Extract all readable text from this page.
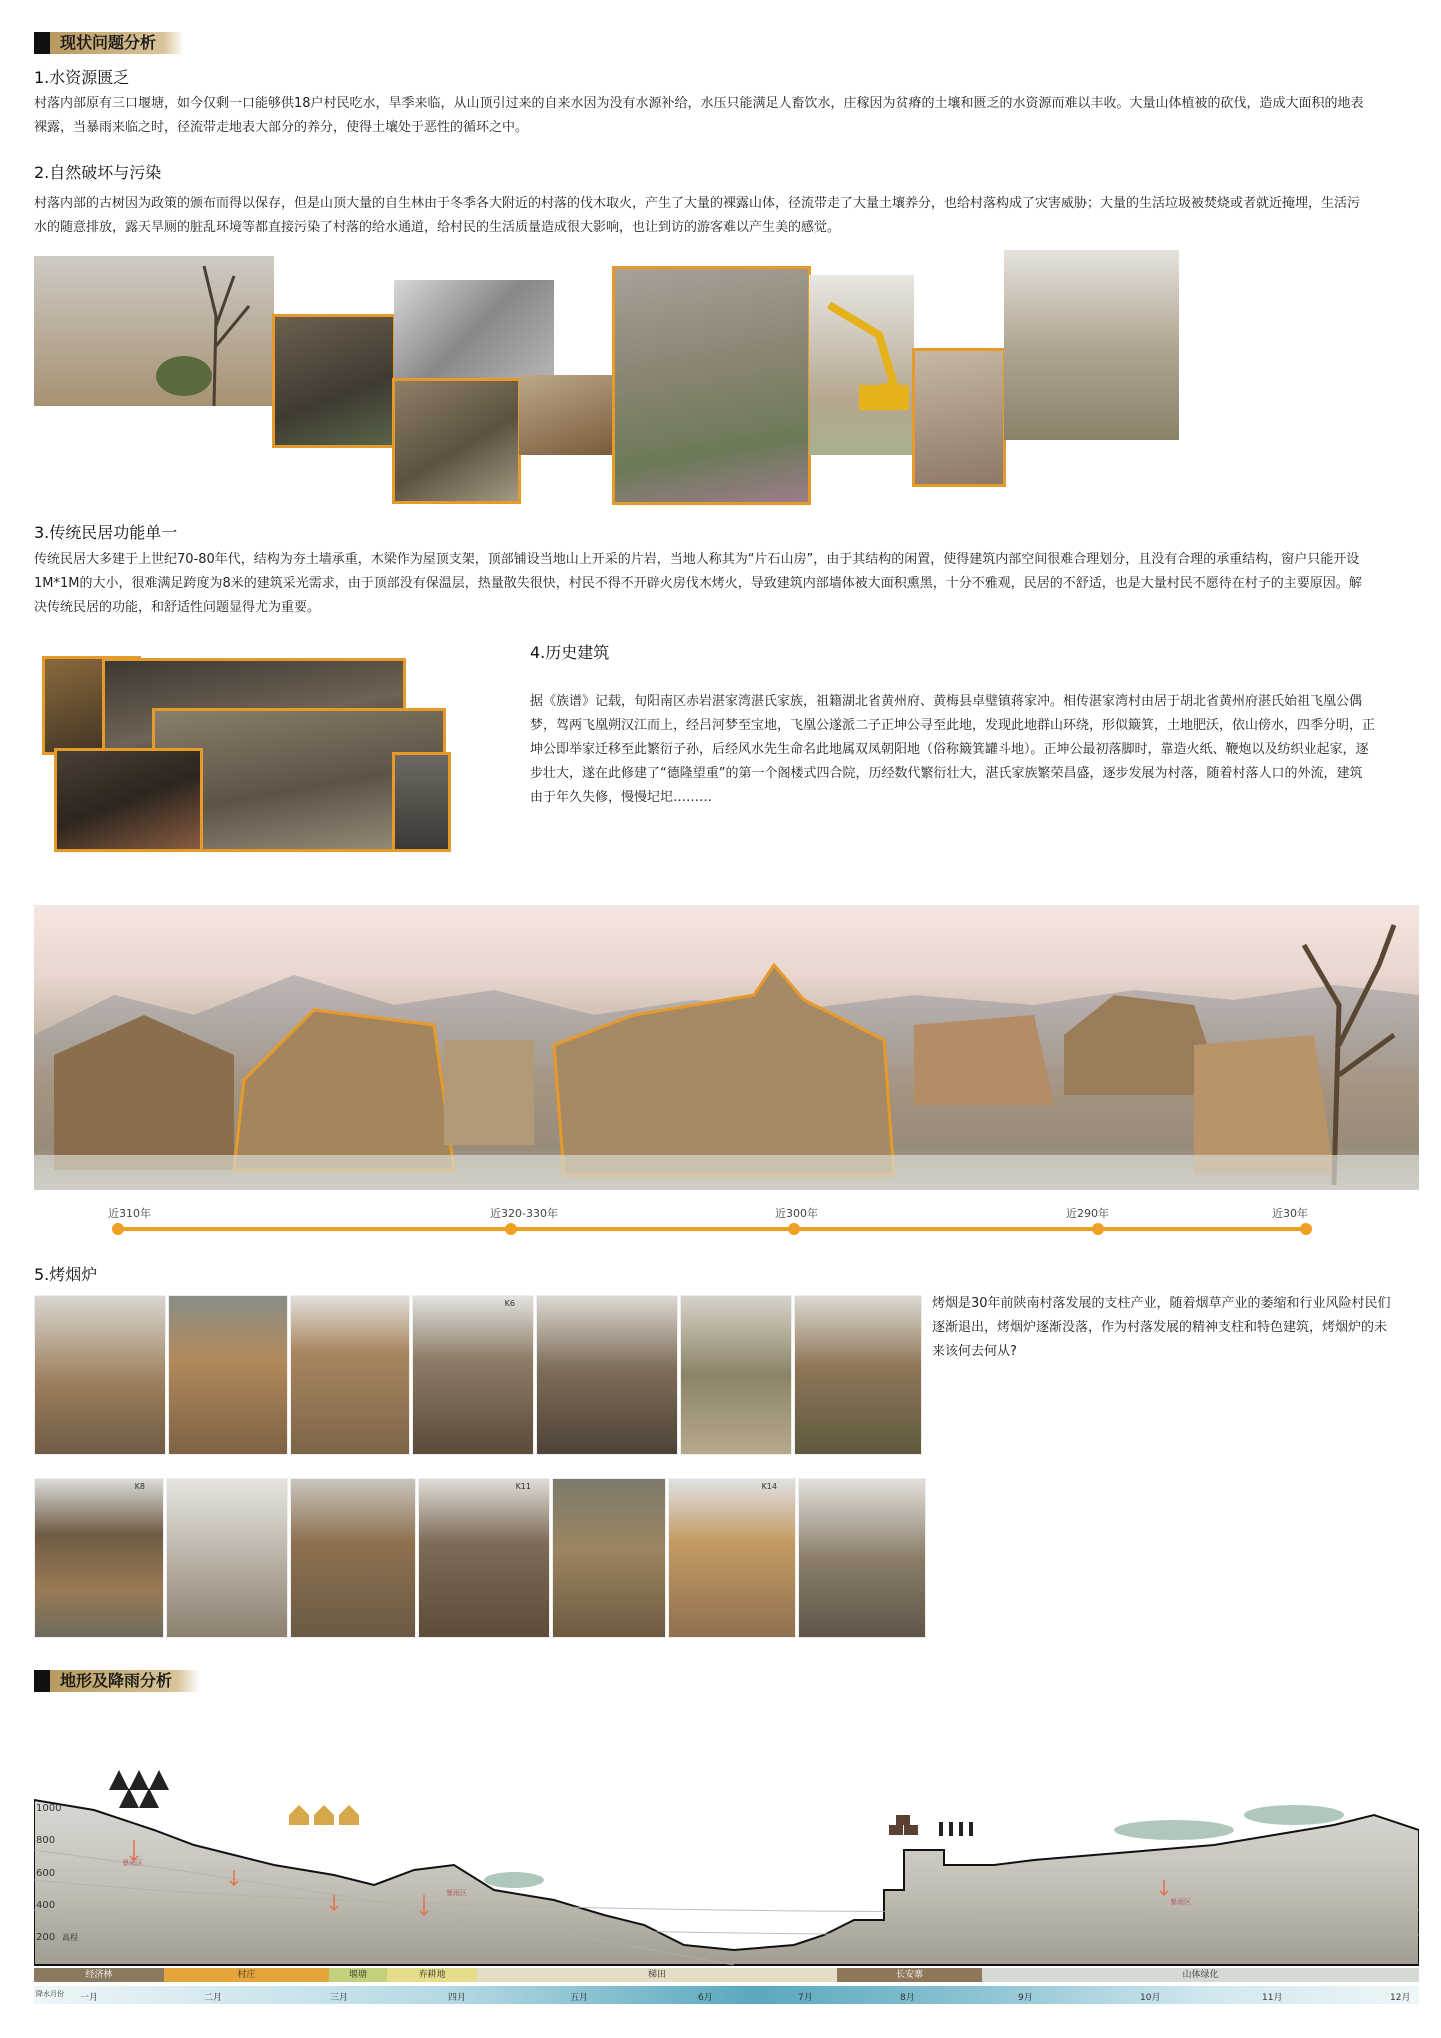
现状问题分析
1.水资源匮乏
村落内部原有三口堰塘，如今仅剩一口能够供18户村民吃水，旱季来临，从山顶引过来的自来水因为没有水源补给，水压只能满足人畜饮水，庄稼因为贫瘠的土壤和匮乏的水资源而难以丰收。大量山体植被的砍伐，造成大面积的地表裸露，当暴雨来临之时，径流带走地表大部分的养分，使得土壤处于恶性的循环之中。
2.自然破坏与污染
村落内部的古树因为政策的颁布而得以保存，但是山顶大量的自生林由于冬季各大附近的村落的伐木取火，产生了大量的裸露山体，径流带走了大量土壤养分，也给村落构成了灾害威胁；大量的生活垃圾被焚烧或者就近掩埋，生活污水的随意排放，露天旱厕的脏乱环境等都直接污染了村落的给水通道，给村民的生活质量造成很大影响，也让到访的游客难以产生美的感觉。
3.传统民居功能单一
传统民居大多建于上世纪70-80年代，结构为夯土墙承重，木梁作为屋顶支架，顶部铺设当地山上开采的片岩，当地人称其为“片石山房”，由于其结构的闲置，使得建筑内部空间很难合理划分，且没有合理的承重结构，窗户只能开设1M*1M的大小，很难满足跨度为8米的建筑采光需求，由于顶部没有保温层，热量散失很快，村民不得不开辟火房伐木烤火，导致建筑内部墙体被大面积熏黑，十分不雅观，民居的不舒适，也是大量村民不愿待在村子的主要原因。解决传统民居的功能，和舒适性问题显得尤为重要。
4.历史建筑
据《族谱》记载，旬阳南区赤岩湛家湾湛氏家族，祖籍湖北省黄州府、黄梅县卓璧镇蒋家冲。相传湛家湾村由居于胡北省黄州府湛氏始祖飞凰公偶梦，驾两飞凰朔汉江而上，经吕河梦至宝地，飞凰公遂派二子正坤公寻至此地，发现此地群山环绕，形似簸箕，土地肥沃，依山傍水，四季分明，正坤公即举家迁移至此繁衍子孙，后经风水先生命名此地属双凤朝阳地（俗称簸箕罐斗地）。正坤公最初落脚时，靠造火纸、鞭炮以及纺织业起家，逐步壮大，遂在此修建了“德隆望重”的第一个阁楼式四合院，历经数代繁衍壮大，湛氏家族繁荣昌盛，逐步发展为村落，随着村落人口的外流，建筑由于年久失修，慢慢圮圯………
近310年	近320-330年	近300年	近290年	近30年
5.烤烟炉
烤烟是30年前陕南村落发展的支柱产业，随着烟草产业的萎缩和行业风险村民们逐渐退出，烤烟炉逐渐没落，作为村落发展的精神支柱和特色建筑，烤烟炉的未来该何去何从?
K6
K8	K11	K14
地形及降雨分析
1000
800
600
400
200 高程
暴雨区
暴雨区
暴雨区
经济林	村庄	堰塘	弃耕地	梯田	长安寨	山体绿化
降水月份 一月	二月	三月	四月	五月	6月	7月	8月	9月	10月	11月	12月
